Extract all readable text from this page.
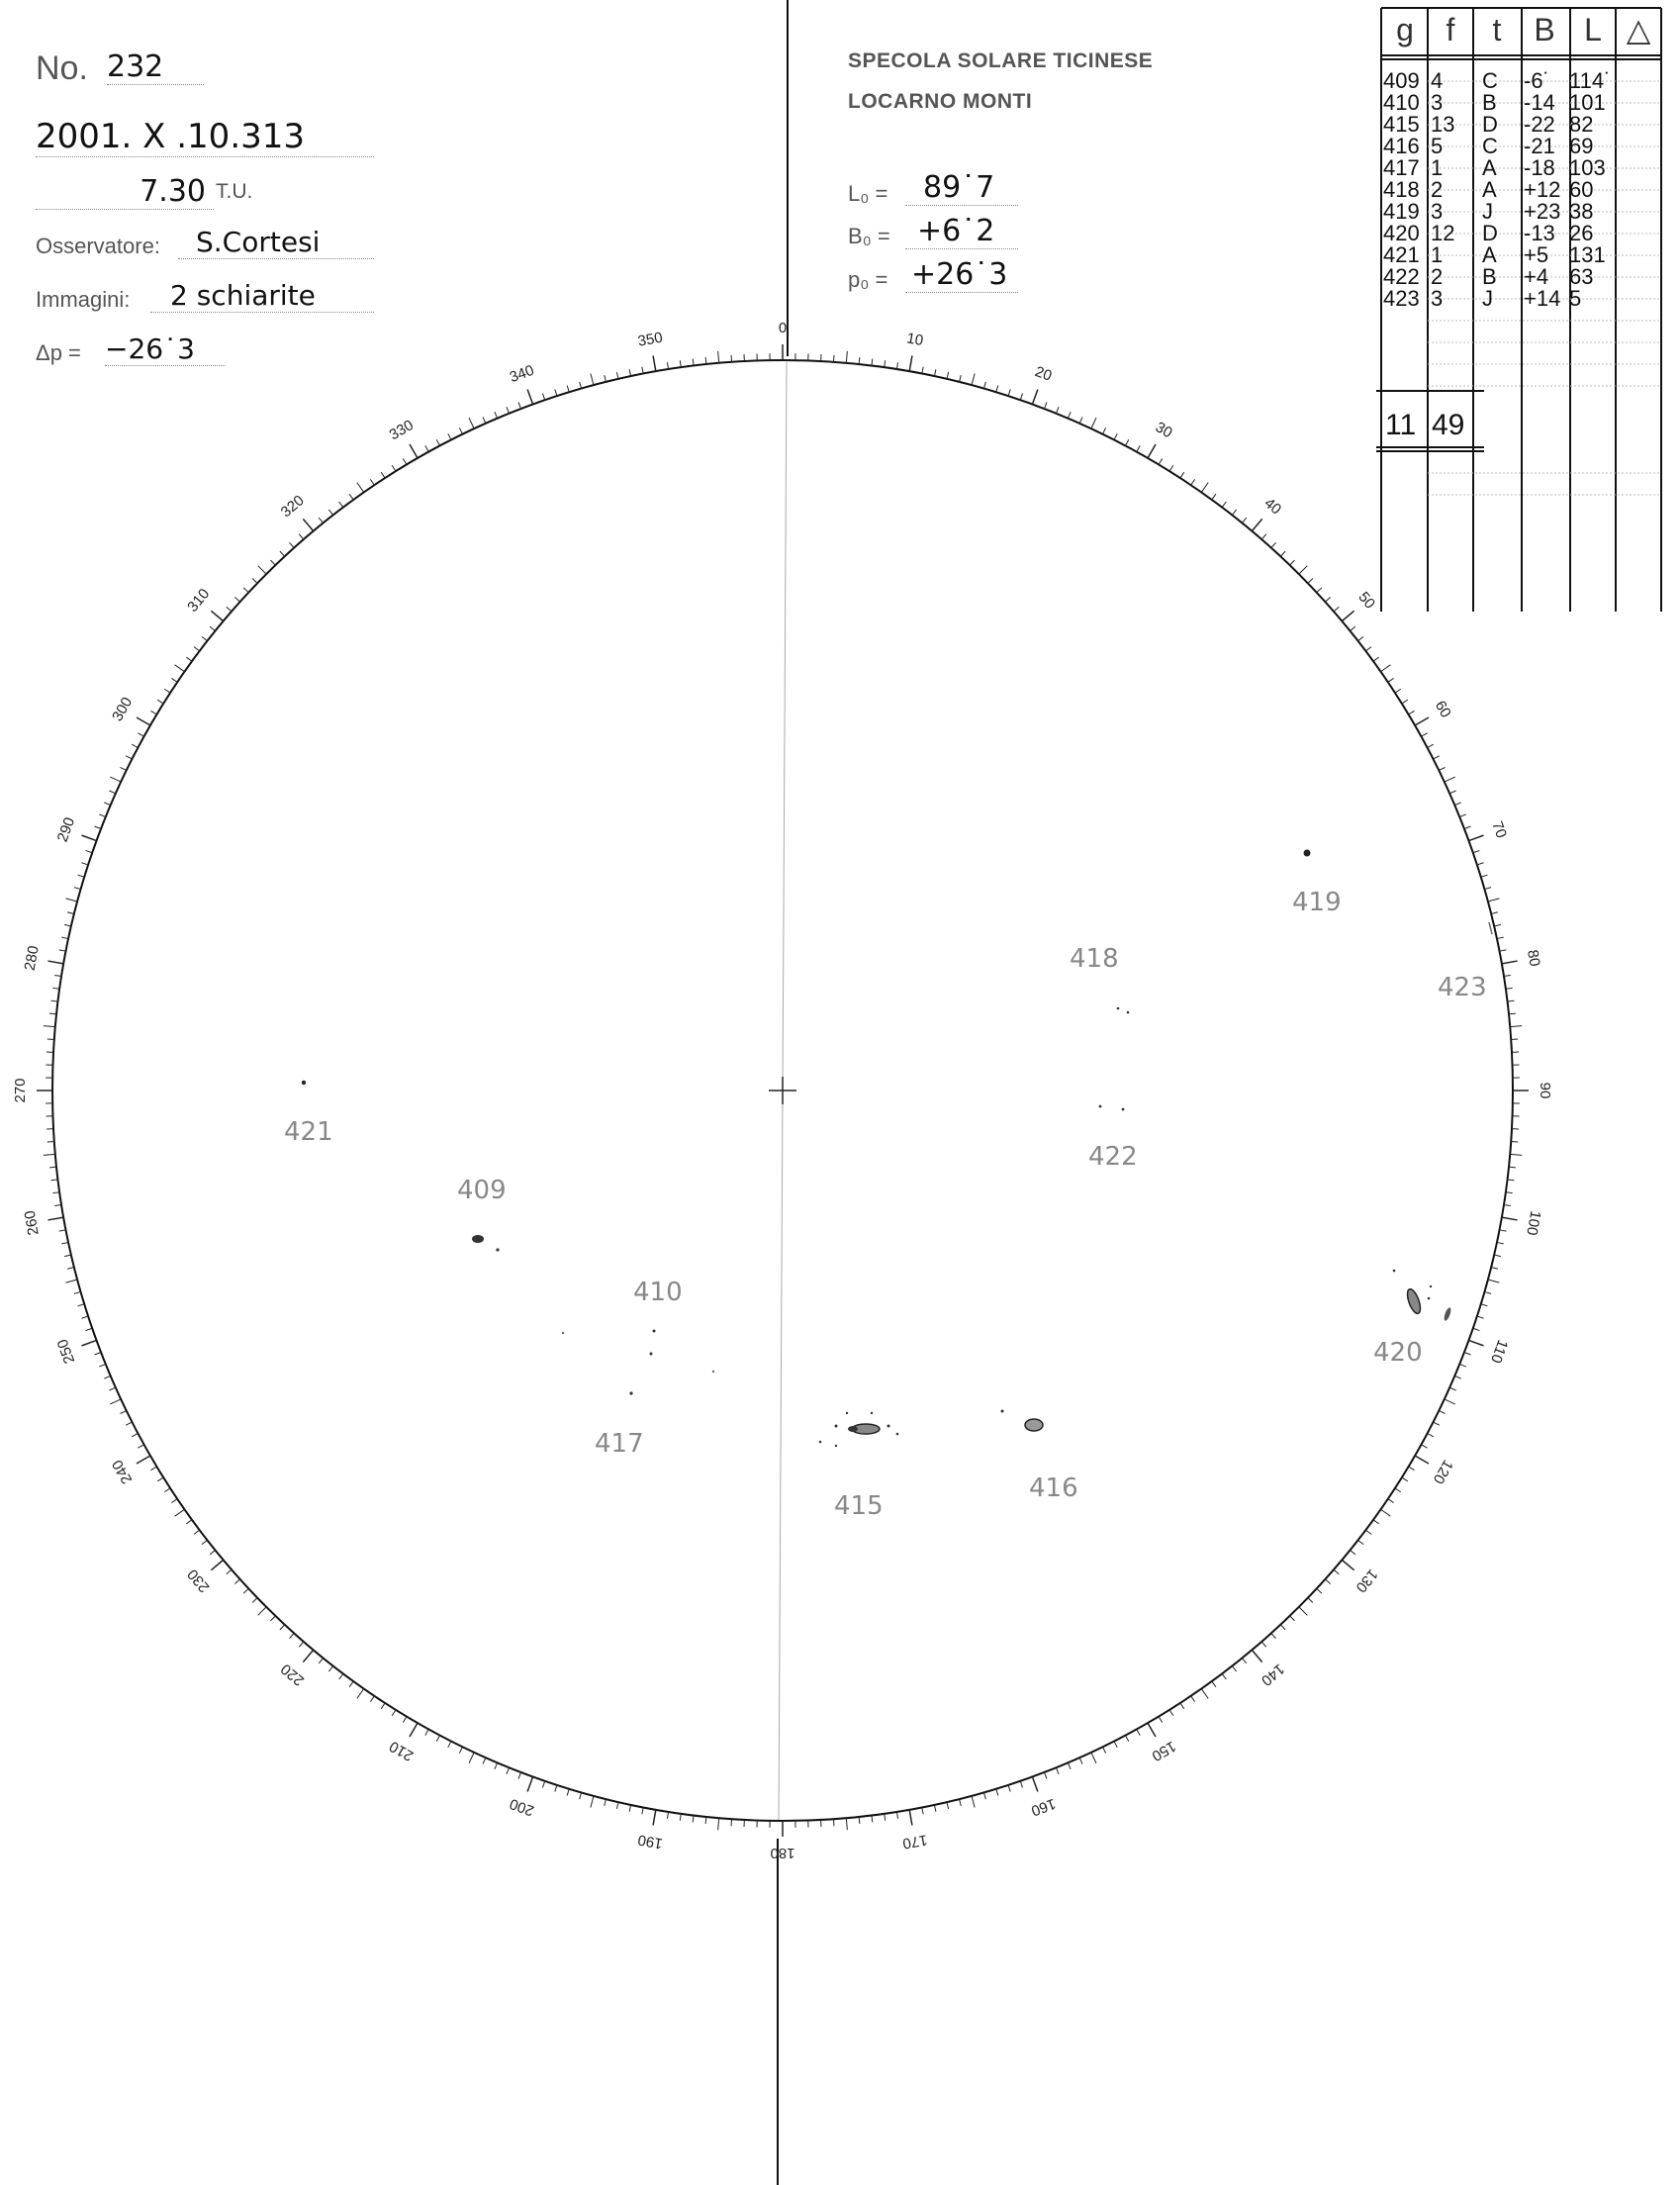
No. 232
2001. X .10.313
7.30 T.U.
Osservatore:	S.Cortesi
Immagini:	2 schiarite
Δp = −26˙3
SPECOLA SOLARE TICINESE
LOCARNO MONTI
L₀ =	89˙7
B₀ = +6˙2
p₀ = +26˙3
0
10
20
30
40
50
60
70
80
90
100
110
120
130
140
150
160
170
180
190
200
210
220
230
240
250
260
270
280
290
300
310
320
330
340
350
421
409
410
417
415
416
418
419
423
422
420
g	f	t	B L △
409 4	C	-6˙ 114˙
410 3	B	-14 101
415 13	D	-22 82
416 5	C	-21 69
417 1	A	-18 103
418 2	A	+12 60
419 3	J	+23 38
420 12	D	-13 26
421 1	A	+5 131
422 2	B	+4 63
423 3	J	+14 5
11 49
